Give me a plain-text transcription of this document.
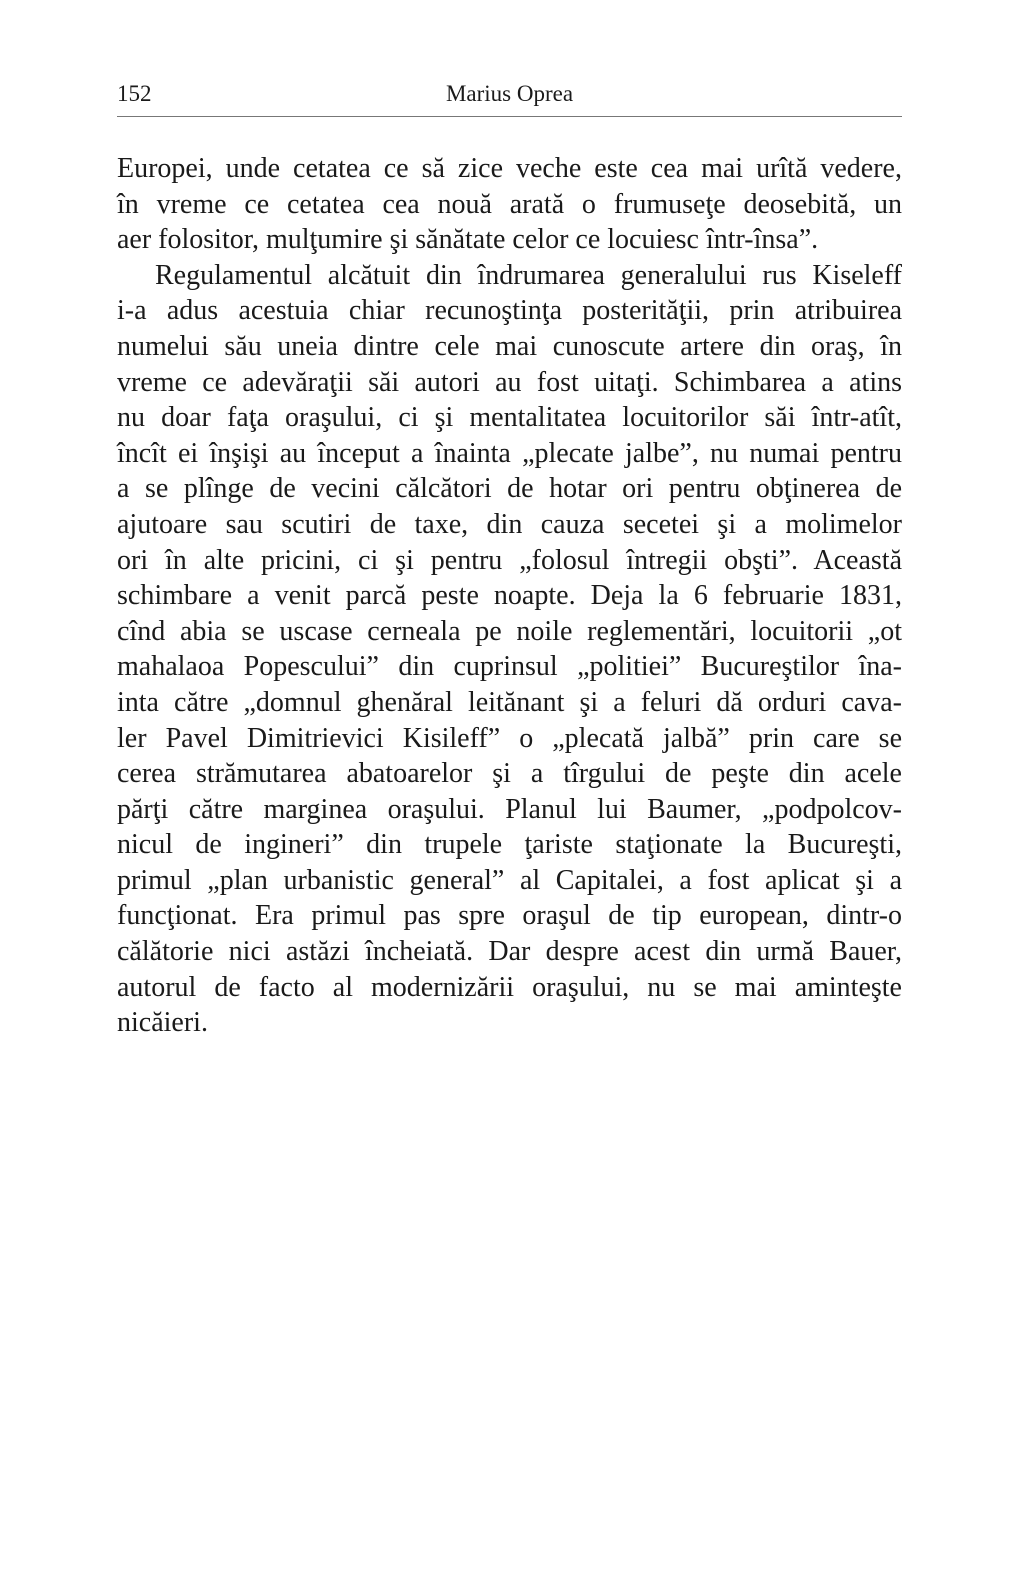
152	Marius Oprea
Europei, unde cetatea ce să zice veche este cea mai urîtă vedere,
în vreme ce cetatea cea nouă arată o frumuseţe deosebită, un
aer folositor, mulţumire şi sănătate celor ce locuiesc într-însa”.
Regulamentul alcătuit din îndrumarea generalului rus Kiseleff
i-a adus acestuia chiar recunoştinţa posterităţii, prin atribuirea
numelui său uneia dintre cele mai cunoscute artere din oraş, în
vreme ce adevăraţii săi autori au fost uitaţi. Schimbarea a atins
nu doar faţa oraşului, ci şi mentalitatea locuitorilor săi într-atît,
încît ei înşişi au început a înainta „plecate jalbe”, nu numai pentru
a se plînge de vecini călcători de hotar ori pentru obţinerea de
ajutoare sau scutiri de taxe, din cauza secetei şi a molimelor
ori în alte pricini, ci şi pentru „folosul întregii obşti”. Această
schimbare a venit parcă peste noapte. Deja la 6 februarie 1831,
cînd abia se uscase cerneala pe noile reglementări, locuitorii „ot
mahalaoa Popescului” din cuprinsul „politiei” Bucureştilor îna-
inta către „domnul ghenăral leitănant şi a feluri dă orduri cava-
ler Pavel Dimitrievici Kisileff” o „plecată jalbă” prin care se
cerea strămutarea abatoarelor şi a tîrgului de peşte din acele
părţi către marginea oraşului. Planul lui Baumer, „podpolcov-
nicul de ingineri” din trupele ţariste staţionate la Bucureşti,
primul „plan urbanistic general” al Capitalei, a fost aplicat şi a
funcţionat. Era primul pas spre oraşul de tip european, dintr-o
călătorie nici astăzi încheiată. Dar despre acest din urmă Bauer,
autorul de facto al modernizării oraşului, nu se mai aminteşte
nicăieri.
